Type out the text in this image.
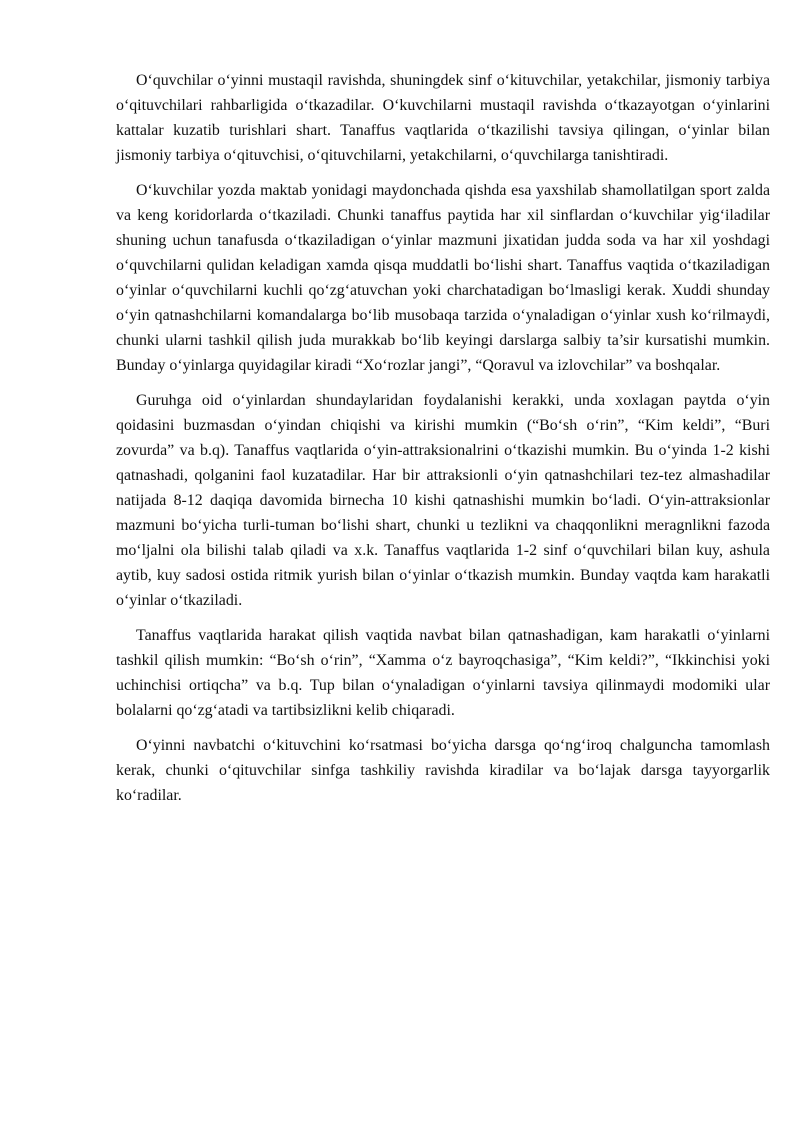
O‘quvchilar o‘yinni mustaqil ravishda, shuningdek sinf o‘kituvchilar, yetakchilar, jismoniy tarbiya o‘qituvchilari rahbarligida o‘tkazadilar. O‘kuvchilarni mustaqil ravishda o‘tkazayotgan o‘yinlarini kattalar kuzatib turishlari shart. Tanaffus vaqtlarida o‘tkazilishi tavsiya qilingan, o‘yinlar bilan jismoniy tarbiya o‘qituvchisi, o‘qituvchilarni, yetakchilarni, o‘quvchilarga tanishtiradi.

O‘kuvchilar yozda maktab yonidagi maydonchada qishda esa yaxshilab shamollatilgan sport zalda va keng koridorlarda o‘tkaziladi. Chunki tanaffus paytida har xil sinflardan o‘kuvchilar yig‘iladilar shuning uchun tanafusda o‘tkaziladigan o‘yinlar mazmuni jixatidan judda soda va har xil yoshdagi o‘quvchilarni qulidan keladigan xamda qisqa muddatli bo‘lishi shart. Tanaffus vaqtida o‘tkaziladigan o‘yinlar o‘quvchilarni kuchli qo‘zg‘atuvchan yoki charchatadigan bo‘lmasligi kerak. Xuddi shunday o‘yin qatnashchilarni komandalarga bo‘lib musobaqa tarzida o‘ynaladigan o‘yinlar xush ko‘rilmaydi, chunki ularni tashkil qilish juda murakkab bo‘lib keyingi darslarga salbiy ta’sir kursatishi mumkin. Bunday o‘yinlarga quyidagilar kiradi “Xo‘rozlar jangi”, “Qoravul va izlovchilar” va boshqalar.

Guruhga oid o‘yinlardan shundaylaridan foydalanishi kerakki, unda xoxlagan paytda o‘yin qoidasini buzmasdan o‘yindan chiqishi va kirishi mumkin (“Bo‘sh o‘rin”, “Kim keldi”, “Buri zovurda” va b.q). Tanaffus vaqtlarida o‘yin-attraksionalrini o‘tkazishi mumkin. Bu o‘yinda 1-2 kishi qatnashadi, qolganini faol kuzatadilar. Har bir attraksionli o‘yin qatnashchilari tez-tez almashadilar natijada 8-12 daqiqa davomida birnecha 10 kishi qatnashishi mumkin bo‘ladi. O‘yin-attraksionlar mazmuni bo‘yicha turli-tuman bo‘lishi shart, chunki u tezlikni va chaqqonlikni meragnlikni fazoda mo‘ljalni ola bilishi talab qiladi va x.k. Tanaffus vaqtlarida 1-2 sinf o‘quvchilari bilan kuy, ashula aytib, kuy sadosi ostida ritmik yurish bilan o‘yinlar o‘tkazish mumkin. Bunday vaqtda kam harakatli o‘yinlar o‘tkaziladi.

Tanaffus vaqtlarida harakat qilish vaqtida navbat bilan qatnashadigan, kam harakatli o‘yinlarni tashkil qilish mumkin: “Bo‘sh o‘rin”, “Xamma o‘z bayroqchasiga”, “Kim keldi?”, “Ikkinchisi yoki uchinchisi ortiqcha” va b.q. Tup bilan o‘ynaladigan o‘yinlarni tavsiya qilinmaydi modomiki ular bolalarni qo‘zg‘atadi va tartibsizlikni kelib chiqaradi.

O‘yinni navbatchi o‘kituvchini ko‘rsatmasi bo‘yicha darsga qo‘ng‘iroq chalguncha tamomlash kerak, chunki o‘qituvchilar sinfga tashkiliy ravishda kiradilar va bo‘lajak darsga tayyorgarlik ko‘radilar.
